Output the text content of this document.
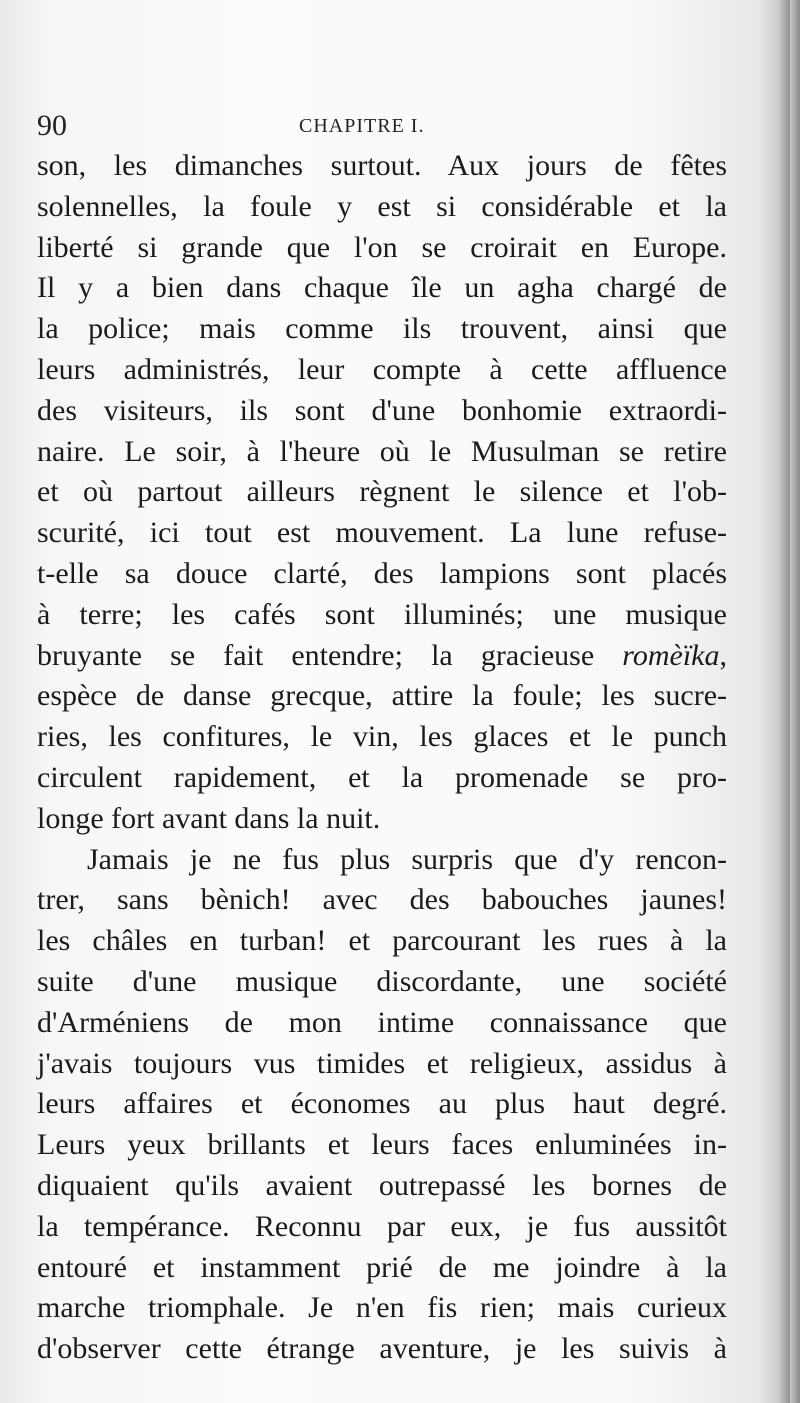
90	CHAPITRE I.
son, les dimanches surtout. Aux jours de fêtes
solennelles, la foule y est si considérable et la
liberté si grande que l'on se croirait en Europe.
Il y a bien dans chaque île un agha chargé de
la police; mais comme ils trouvent, ainsi que
leurs administrés, leur compte à cette affluence
des visiteurs, ils sont d'une bonhomie extraordi-
naire. Le soir, à l'heure où le Musulman se retire
et où partout ailleurs règnent le silence et l'ob-
scurité, ici tout est mouvement. La lune refuse-
t-elle sa douce clarté, des lampions sont placés
à terre; les cafés sont illuminés; une musique
bruyante se fait entendre; la gracieuse romèïka,
espèce de danse grecque, attire la foule; les sucre-
ries, les confitures, le vin, les glaces et le punch
circulent rapidement, et la promenade se pro-
longe fort avant dans la nuit.
Jamais je ne fus plus surpris que d'y rencon-
trer, sans bènich! avec des babouches jaunes!
les châles en turban! et parcourant les rues à la
suite d'une musique discordante, une société
d'Arméniens de mon intime connaissance que
j'avais toujours vus timides et religieux, assidus à
leurs affaires et économes au plus haut degré.
Leurs yeux brillants et leurs faces enluminées in-
diquaient qu'ils avaient outrepassé les bornes de
la tempérance. Reconnu par eux, je fus aussitôt
entouré et instamment prié de me joindre à la
marche triomphale. Je n'en fis rien; mais curieux
d'observer cette étrange aventure, je les suivis à
